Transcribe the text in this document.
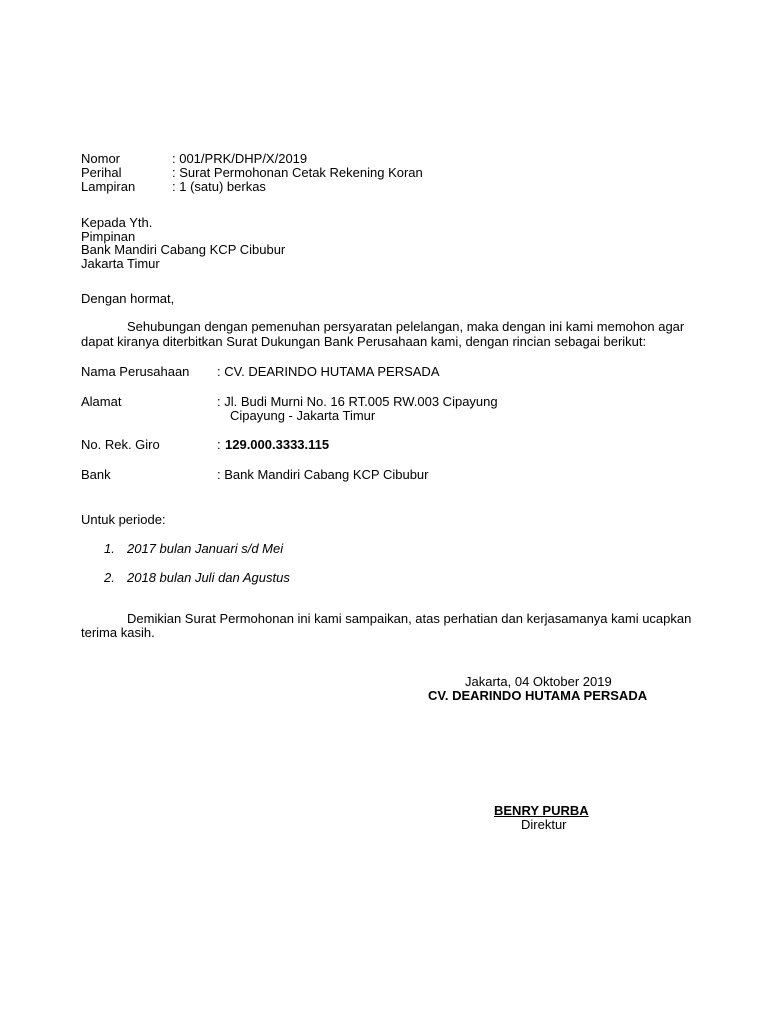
Nomor	: 001/PRK/DHP/X/2019
Perihal	: Surat Permohonan Cetak Rekening Koran
Lampiran	: 1 (satu) berkas
Kepada Yth.
Pimpinan
Bank Mandiri Cabang KCP Cibubur
Jakarta Timur
Dengan hormat,
Sehubungan dengan pemenuhan persyaratan pelelangan, maka dengan ini kami memohon agar
dapat kiranya diterbitkan Surat Dukungan Bank Perusahaan kami, dengan rincian sebagai berikut:
Nama Perusahaan : CV. DEARINDO HUTAMA PERSADA
Alamat	: Jl. Budi Murni No. 16 RT.005 RW.003 Cipayung
Cipayung - Jakarta Timur
No. Rek. Giro	: 129.000.3333.115
Bank	: Bank Mandiri Cabang KCP Cibubur
Untuk periode:
1. 2017 bulan Januari s/d Mei
2. 2018 bulan Juli dan Agustus
Demikian Surat Permohonan ini kami sampaikan, atas perhatian dan kerjasamanya kami ucapkan
terima kasih.
Jakarta, 04 Oktober 2019
CV. DEARINDO HUTAMA PERSADA
BENRY PURBA
Direktur
